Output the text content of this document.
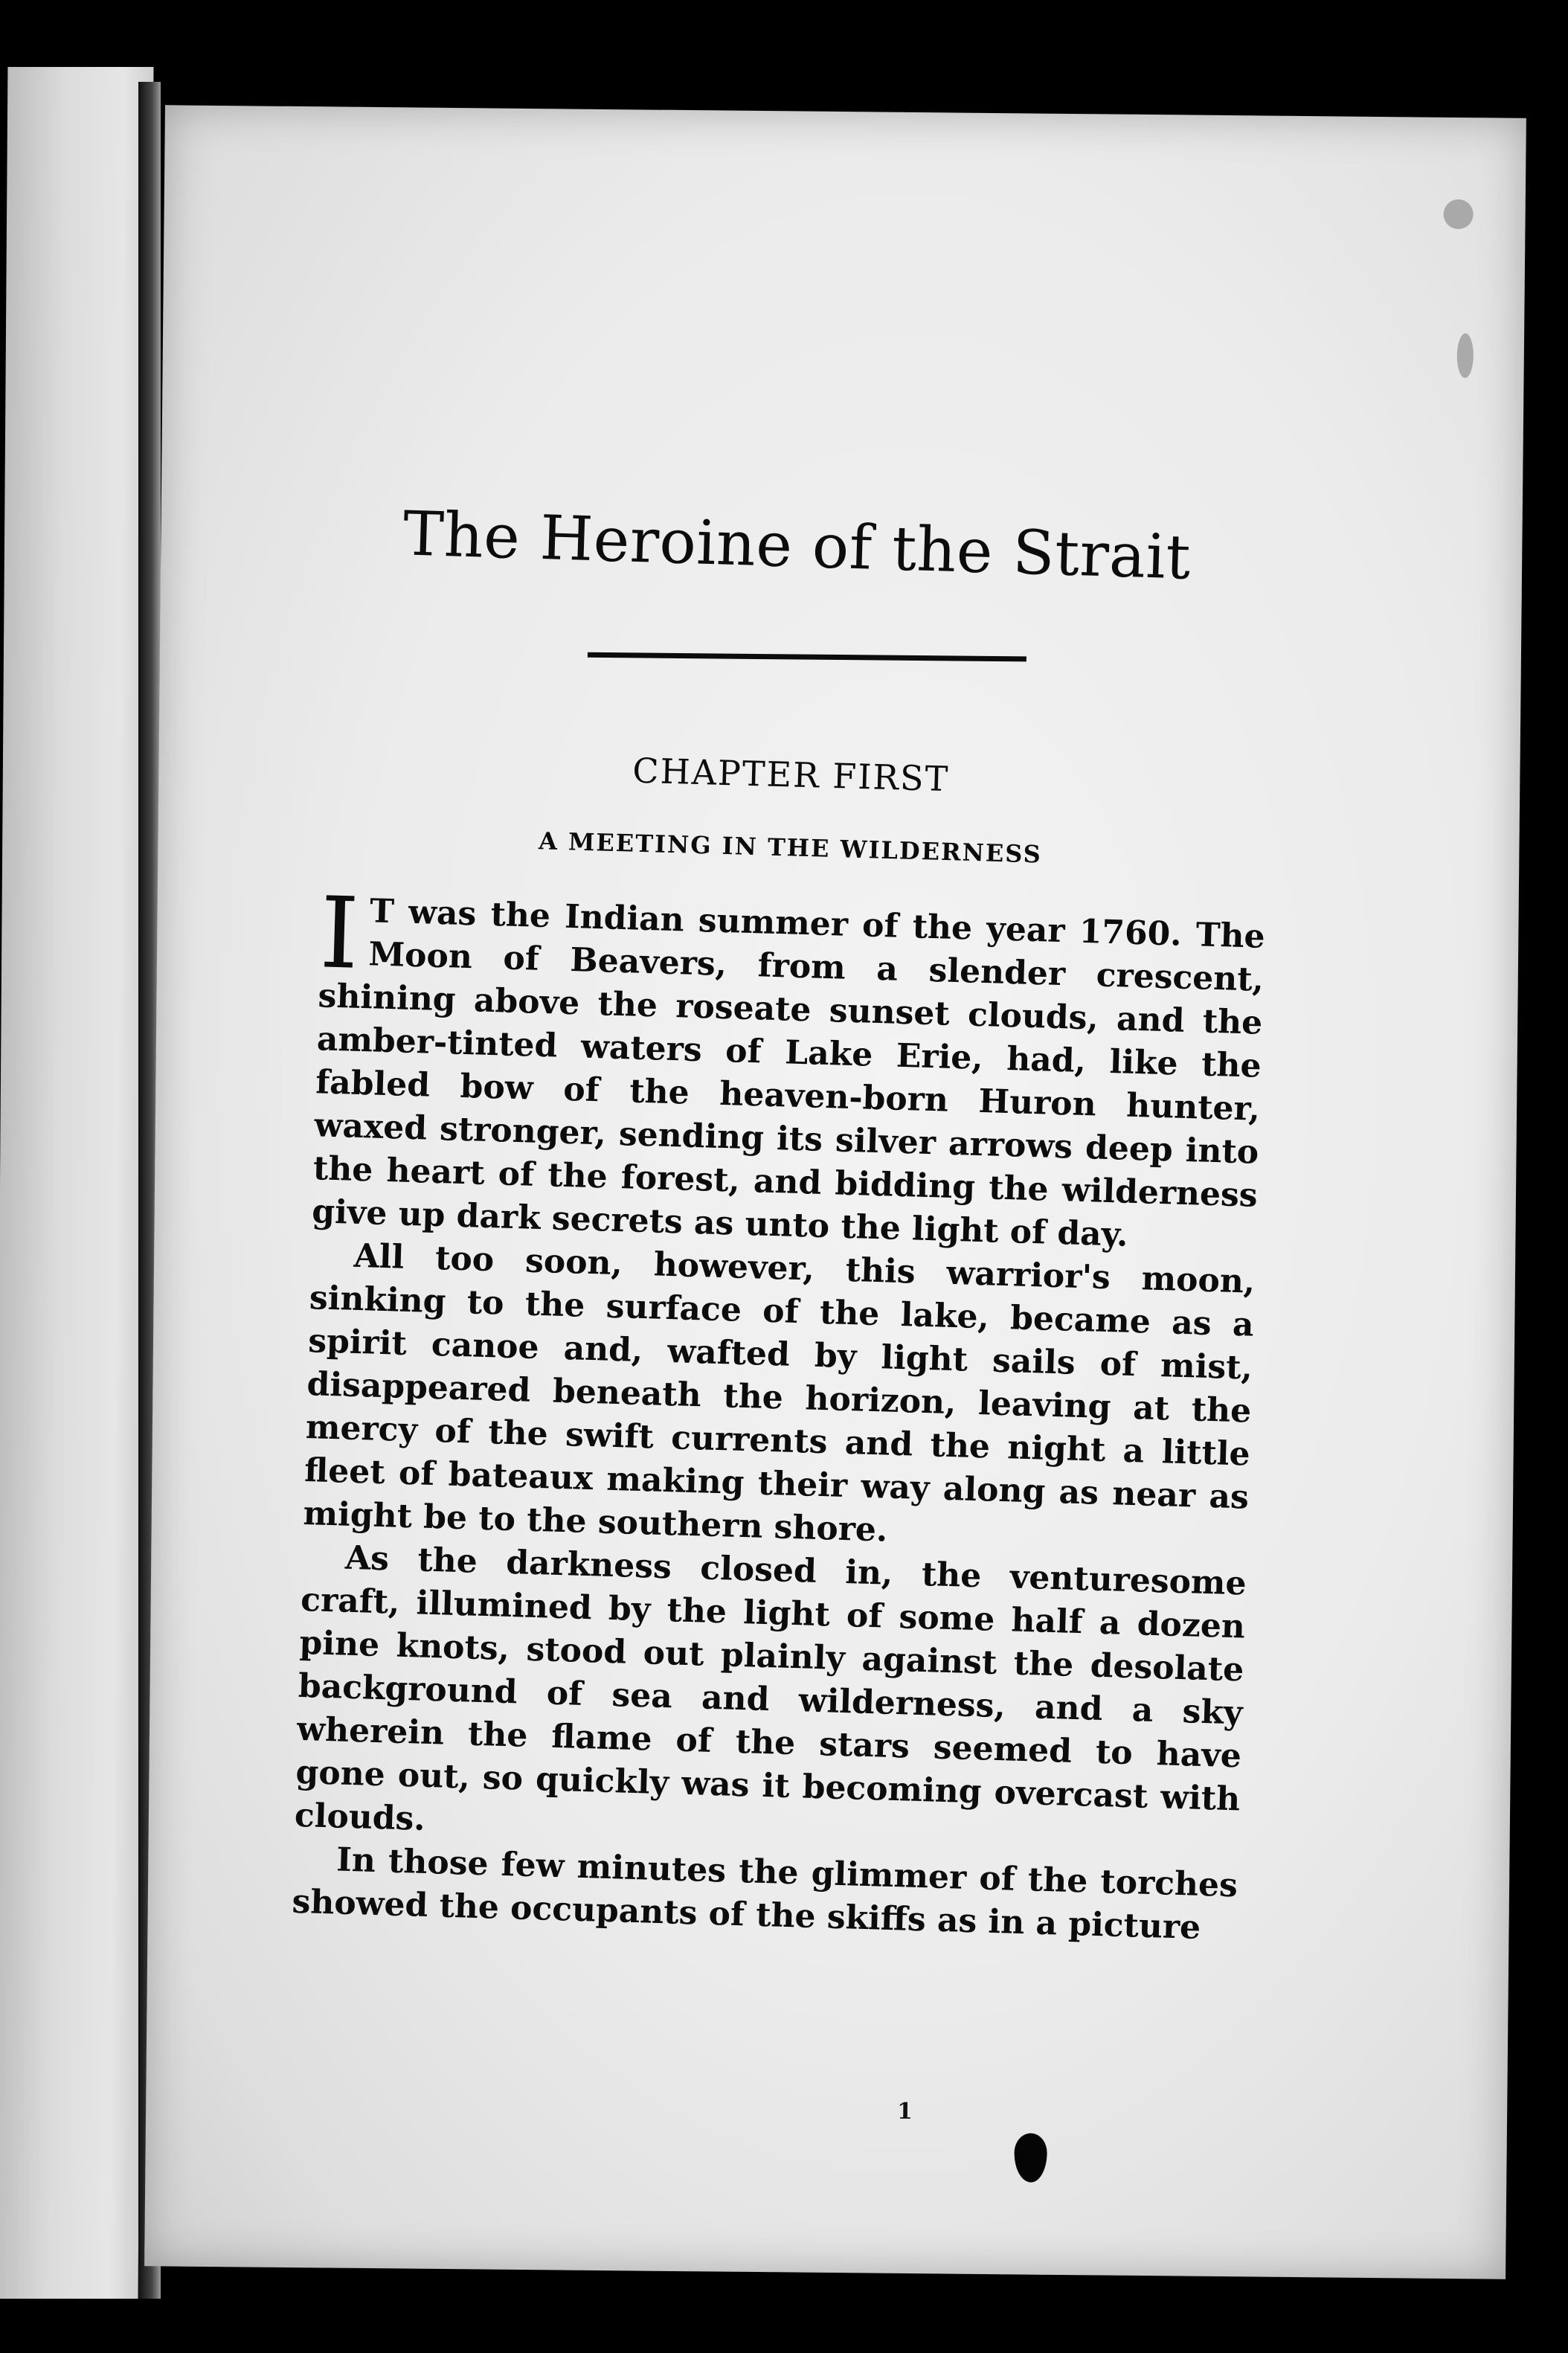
The Heroine of the Strait
CHAPTER FIRST
A MEETING IN THE WILDERNESS

I T was the Indian summer of the year 1760. The Moon of Beavers, from a slender crescent, shining above the roseate sunset clouds, and the amber-tinted waters of Lake Erie, had, like the fabled bow of the heaven-born Huron hunter, waxed stronger, sending its silver arrows deep into the heart of the forest, and bidding the wilderness give up dark secrets as unto the light of day.

All too soon, however, this warrior's moon, sinking to the surface of the lake, became as a spirit canoe and, wafted by light sails of mist, disappeared beneath the horizon, leaving at the mercy of the swift currents and the night a little fleet of bateaux making their way along as near as might be to the southern shore.

As the darkness closed in, the venturesome craft, illumined by the light of some half a dozen pine knots, stood out plainly against the desolate background of sea and wilderness, and a sky wherein the flame of the stars seemed to have gone out, so quickly was it becoming overcast with clouds.

In those few minutes the glimmer of the torches showed the occupants of the skiffs as in a picture

1
